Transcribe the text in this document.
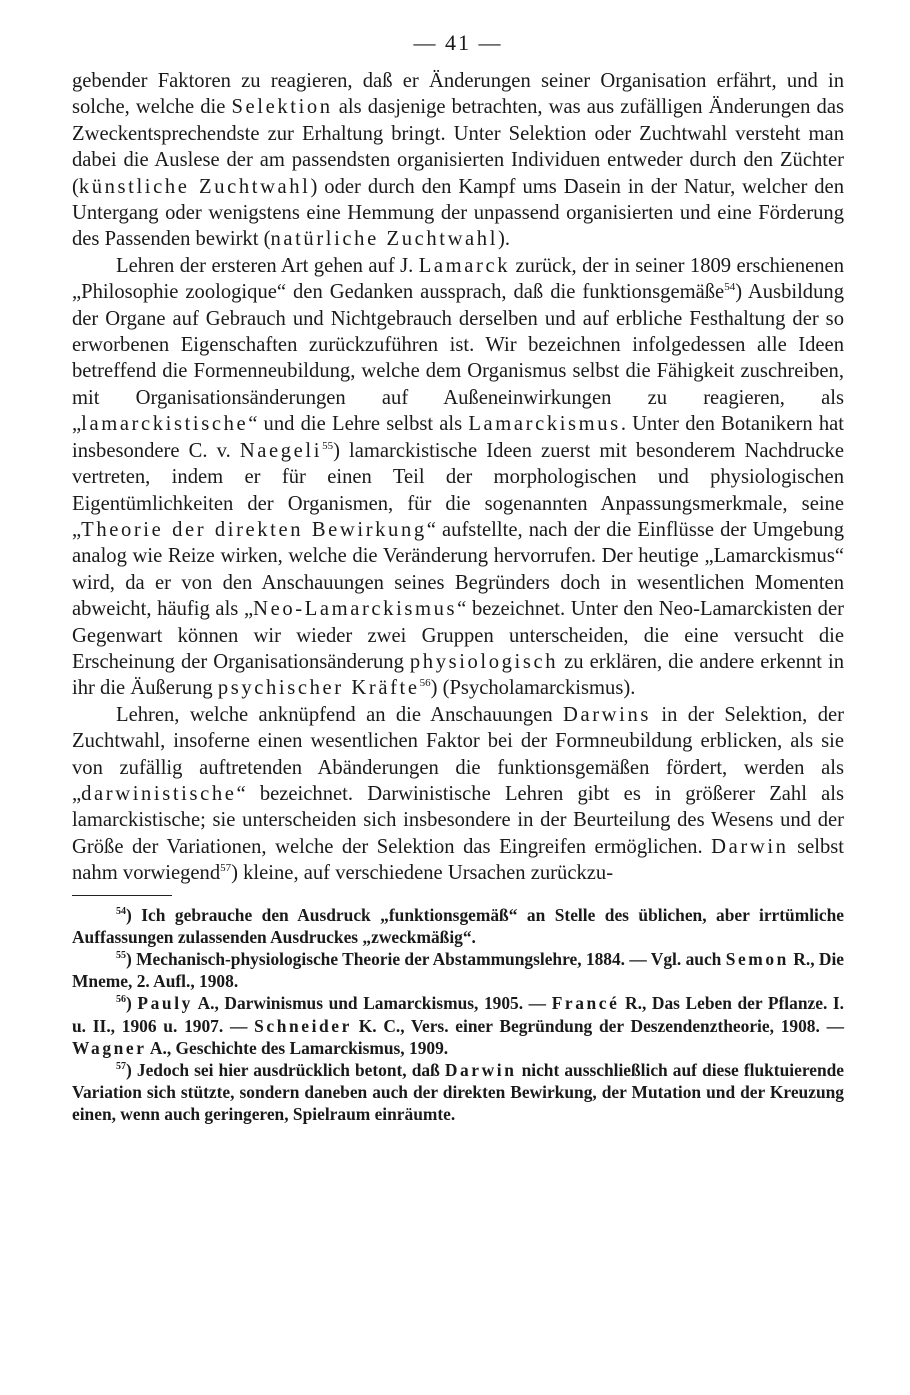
— 41 —

gebender Faktoren zu reagieren, daß er Änderungen seiner Organisation erfährt, und in solche, welche die Selektion als dasjenige betrachten, was aus zufälligen Änderungen das Zweckentsprechendste zur Erhaltung bringt. Unter Selektion oder Zuchtwahl versteht man dabei die Auslese der am passendsten organisierten Individuen entweder durch den Züchter (künstliche Zuchtwahl) oder durch den Kampf ums Dasein in der Natur, welcher den Untergang oder wenigstens eine Hemmung der unpassend organisierten und eine Förderung des Passenden bewirkt (natürliche Zuchtwahl).

Lehren der ersteren Art gehen auf J. Lamarck zurück, der in seiner 1809 erschienenen „Philosophie zoologique“ den Gedanken aussprach, daß die funktionsgemäße$^{54}$) Ausbildung der Organe auf Gebrauch und Nichtgebrauch derselben und auf erbliche Festhaltung der so erworbenen Eigenschaften zurückzuführen ist. Wir bezeichnen infolgedessen alle Ideen betreffend die Formenneubildung, welche dem Organismus selbst die Fähigkeit zuschreiben, mit Organisationsänderungen auf Außeneinwirkungen zu reagieren, als „lamarckistische“ und die Lehre selbst als Lamarckismus. Unter den Botanikern hat insbesondere C. v. Naegeli$^{55}$) lamarckistische Ideen zuerst mit besonderem Nachdrucke vertreten, indem er für einen Teil der morphologischen und physiologischen Eigentümlichkeiten der Organismen, für die sogenannten Anpassungsmerkmale, seine „Theorie der direkten Bewirkung“ aufstellte, nach der die Einflüsse der Umgebung analog wie Reize wirken, welche die Veränderung hervorrufen. Der heutige „Lamarckismus“ wird, da er von den Anschauungen seines Begründers doch in wesentlichen Momenten abweicht, häufig als „Neo-Lamarckismus“ bezeichnet. Unter den Neo-Lamarckisten der Gegenwart können wir wieder zwei Gruppen unterscheiden, die eine versucht die Erscheinung der Organisationsänderung physiologisch zu erklären, die andere erkennt in ihr die Äußerung psychischer Kräfte$^{56}$) (Psycholamarckismus).

Lehren, welche anknüpfend an die Anschauungen Darwins in der Selektion, der Zuchtwahl, insoferne einen wesentlichen Faktor bei der Formneubildung erblicken, als sie von zufällig auftretenden Abänderungen die funktionsgemäßen fördert, werden als „darwinistische“ bezeichnet. Darwinistische Lehren gibt es in größerer Zahl als lamarckistische; sie unterscheiden sich insbesondere in der Beurteilung des Wesens und der Größe der Variationen, welche der Selektion das Eingreifen ermöglichen. Darwin selbst nahm vorwiegend$^{57}$) kleine, auf verschiedene Ursachen zurückzu-

$^{54}$) Ich gebrauche den Ausdruck „funktionsgemäß“ an Stelle des üblichen, aber irrtümliche Auffassungen zulassenden Ausdruckes „zweckmäßig“.

$^{55}$) Mechanisch-physiologische Theorie der Abstammungslehre, 1884. — Vgl. auch Semon R., Die Mneme, 2. Aufl., 1908.

$^{56}$) Pauly A., Darwinismus und Lamarckismus, 1905. — Francé R., Das Leben der Pflanze. I. u. II., 1906 u. 1907. — Schneider K. C., Vers. einer Begründung der Deszendenztheorie, 1908. — Wagner A., Geschichte des Lamarckismus, 1909.

$^{57}$) Jedoch sei hier ausdrücklich betont, daß Darwin nicht ausschließlich auf diese fluktuierende Variation sich stützte, sondern daneben auch der direkten Bewirkung, der Mutation und der Kreuzung einen, wenn auch geringeren, Spielraum einräumte.
